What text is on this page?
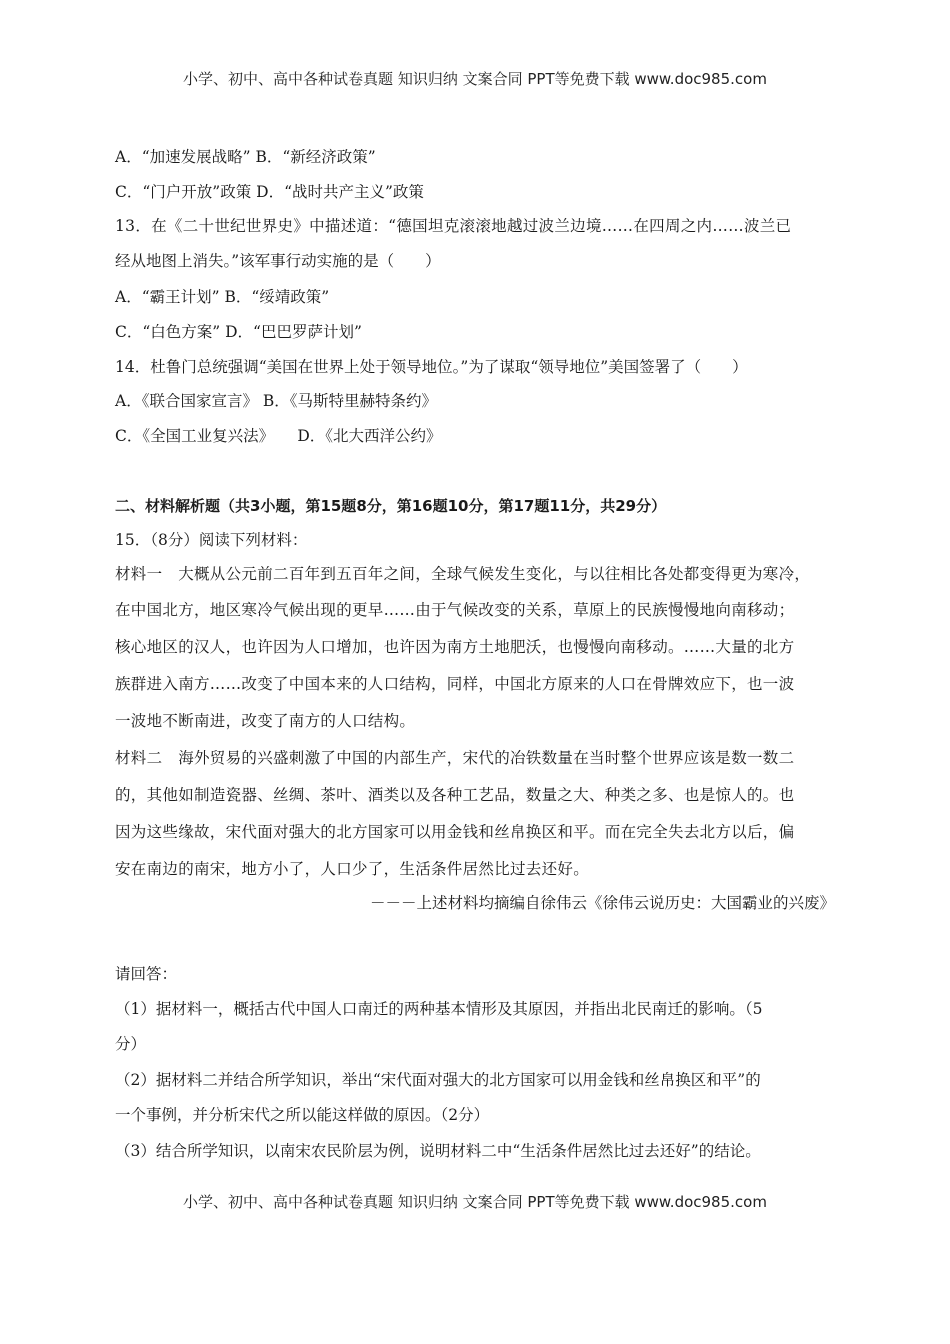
小学、初中、高中各种试卷真题 知识归纳 文案合同 PPT等免费下载 www.doc985.com
A．“加速发展战略” B．“新经济政策”
C．“门户开放”政策 D．“战时共产主义”政策
13．在《二十世纪世界史》中描述道：“德国坦克滚滚地越过波兰边境……在四周之内……波兰已
经从地图上消失。”该军事行动实施的是（　　）
A．“霸王计划” B．“绥靖政策”
C．“白色方案” D．“巴巴罗萨计划”
14．杜鲁门总统强调“美国在世界上处于领导地位。”为了谋取“领导地位”美国签署了（　　）
A．《联合国家宣言》 B．《马斯特里赫特条约》
C．《全国工业复兴法》　　D．《北大西洋公约》
二、材料解析题（共3小题，第15题8分，第16题10分，第17题11分，共29分）
15．（8分）阅读下列材料：
材料一　大概从公元前二百年到五百年之间，全球气候发生变化，与以往相比各处都变得更为寒冷，
在中国北方，地区寒冷气候出现的更早……由于气候改变的关系，草原上的民族慢慢地向南移动；
核心地区的汉人，也许因为人口增加，也许因为南方土地肥沃，也慢慢向南移动。……大量的北方
族群进入南方……改变了中国本来的人口结构，同样，中国北方原来的人口在骨牌效应下，也一波
一波地不断南进，改变了南方的人口结构。
材料二　海外贸易的兴盛刺激了中国的内部生产，宋代的冶铁数量在当时整个世界应该是数一数二
的，其他如制造瓷器、丝绸、茶叶、酒类以及各种工艺品，数量之大、种类之多、也是惊人的。也
因为这些缘故，宋代面对强大的北方国家可以用金钱和丝帛换区和平。而在完全失去北方以后，偏
安在南边的南宋，地方小了，人口少了，生活条件居然比过去还好。
－－－上述材料均摘编自徐伟云《徐伟云说历史：大国霸业的兴废》
请回答：
（1）据材料一，概括古代中国人口南迁的两种基本情形及其原因，并指出北民南迁的影响。（5
分）
（2）据材料二并结合所学知识，举出“宋代面对强大的北方国家可以用金钱和丝帛换区和平”的
一个事例，并分析宋代之所以能这样做的原因。（2分）
（3）结合所学知识，以南宋农民阶层为例，说明材料二中“生活条件居然比过去还好”的结论。
小学、初中、高中各种试卷真题 知识归纳 文案合同 PPT等免费下载 www.doc985.com
